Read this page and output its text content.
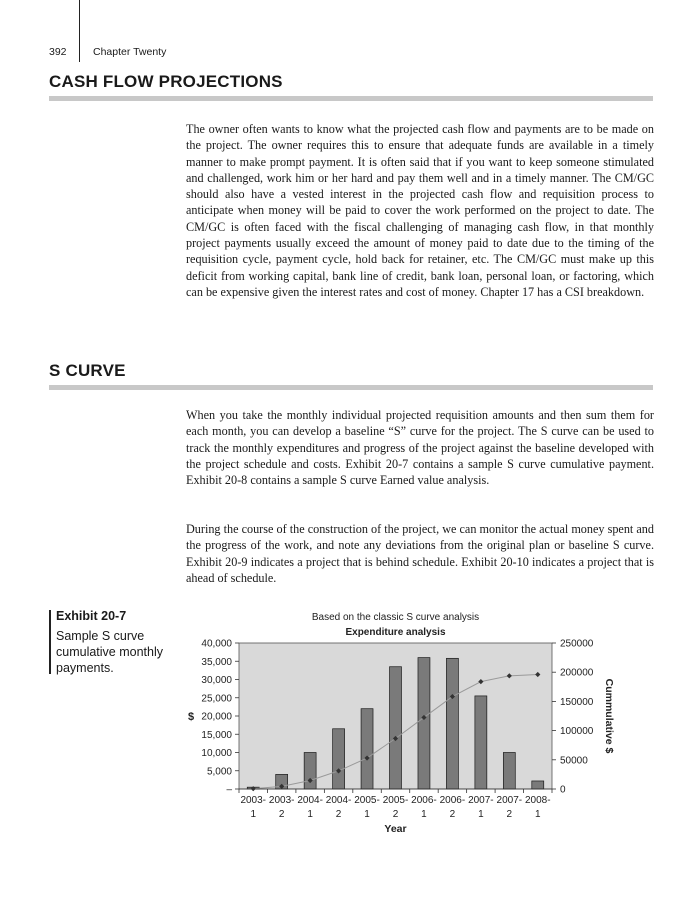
392	Chapter Twenty
CASH FLOW PROJECTIONS

The owner often wants to know what the projected cash flow and payments are to be made on the project. The owner requires this to ensure that adequate funds are available in a timely manner to make prompt payment. It is often said that if you want to keep someone stimulated and challenged, work him or her hard and pay them well and in a timely manner. The CM/GC should also have a vested interest in the projected cash flow and requisition process to anticipate when money will be paid to cover the work performed on the project to date. The CM/GC is often faced with the fiscal challenging of managing cash flow, in that monthly project payments usually exceed the amount of money paid to date due to the timing of the requisition cycle, payment cycle, hold back for retainer, etc. The CM/GC must make up this deficit from working capital, bank line of credit, bank loan, personal loan, or factoring, which can be expensive given the interest rates and cost of money. Chapter 17 has a CSI breakdown.

S CURVE

When you take the monthly individual projected requisition amounts and then sum them for each month, you can develop a baseline “S” curve for the project. The S curve can be used to track the monthly expenditures and progress of the project against the baseline developed with the project schedule and costs. Exhibit 20-7 contains a sample S curve cumulative payment. Exhibit 20-8 contains a sample S curve Earned value analysis.

During the course of the construction of the project, we can monitor the actual money spent and the progress of the work, and note any deviations from the original plan or baseline S curve. Exhibit 20-9 indicates a project that is behind schedule. Exhibit 20-10 indicates a project that is ahead of schedule.

Exhibit 20-7

Sample S curve cumulative monthly payments.

Based on the classic S curve analysis
Expenditure analysis
–
5,000
10,000
15,000
20,000
25,000
30,000
35,000
40,000
$
0
50000
100000
150000
200000
250000
Cummulative $
2003-
1
2003-
2
2004-
1
2004-
2
2005-
1
2005-
2
2006-
1
2006-
2
2007-
1
2007-
2
2008-
1
Year
